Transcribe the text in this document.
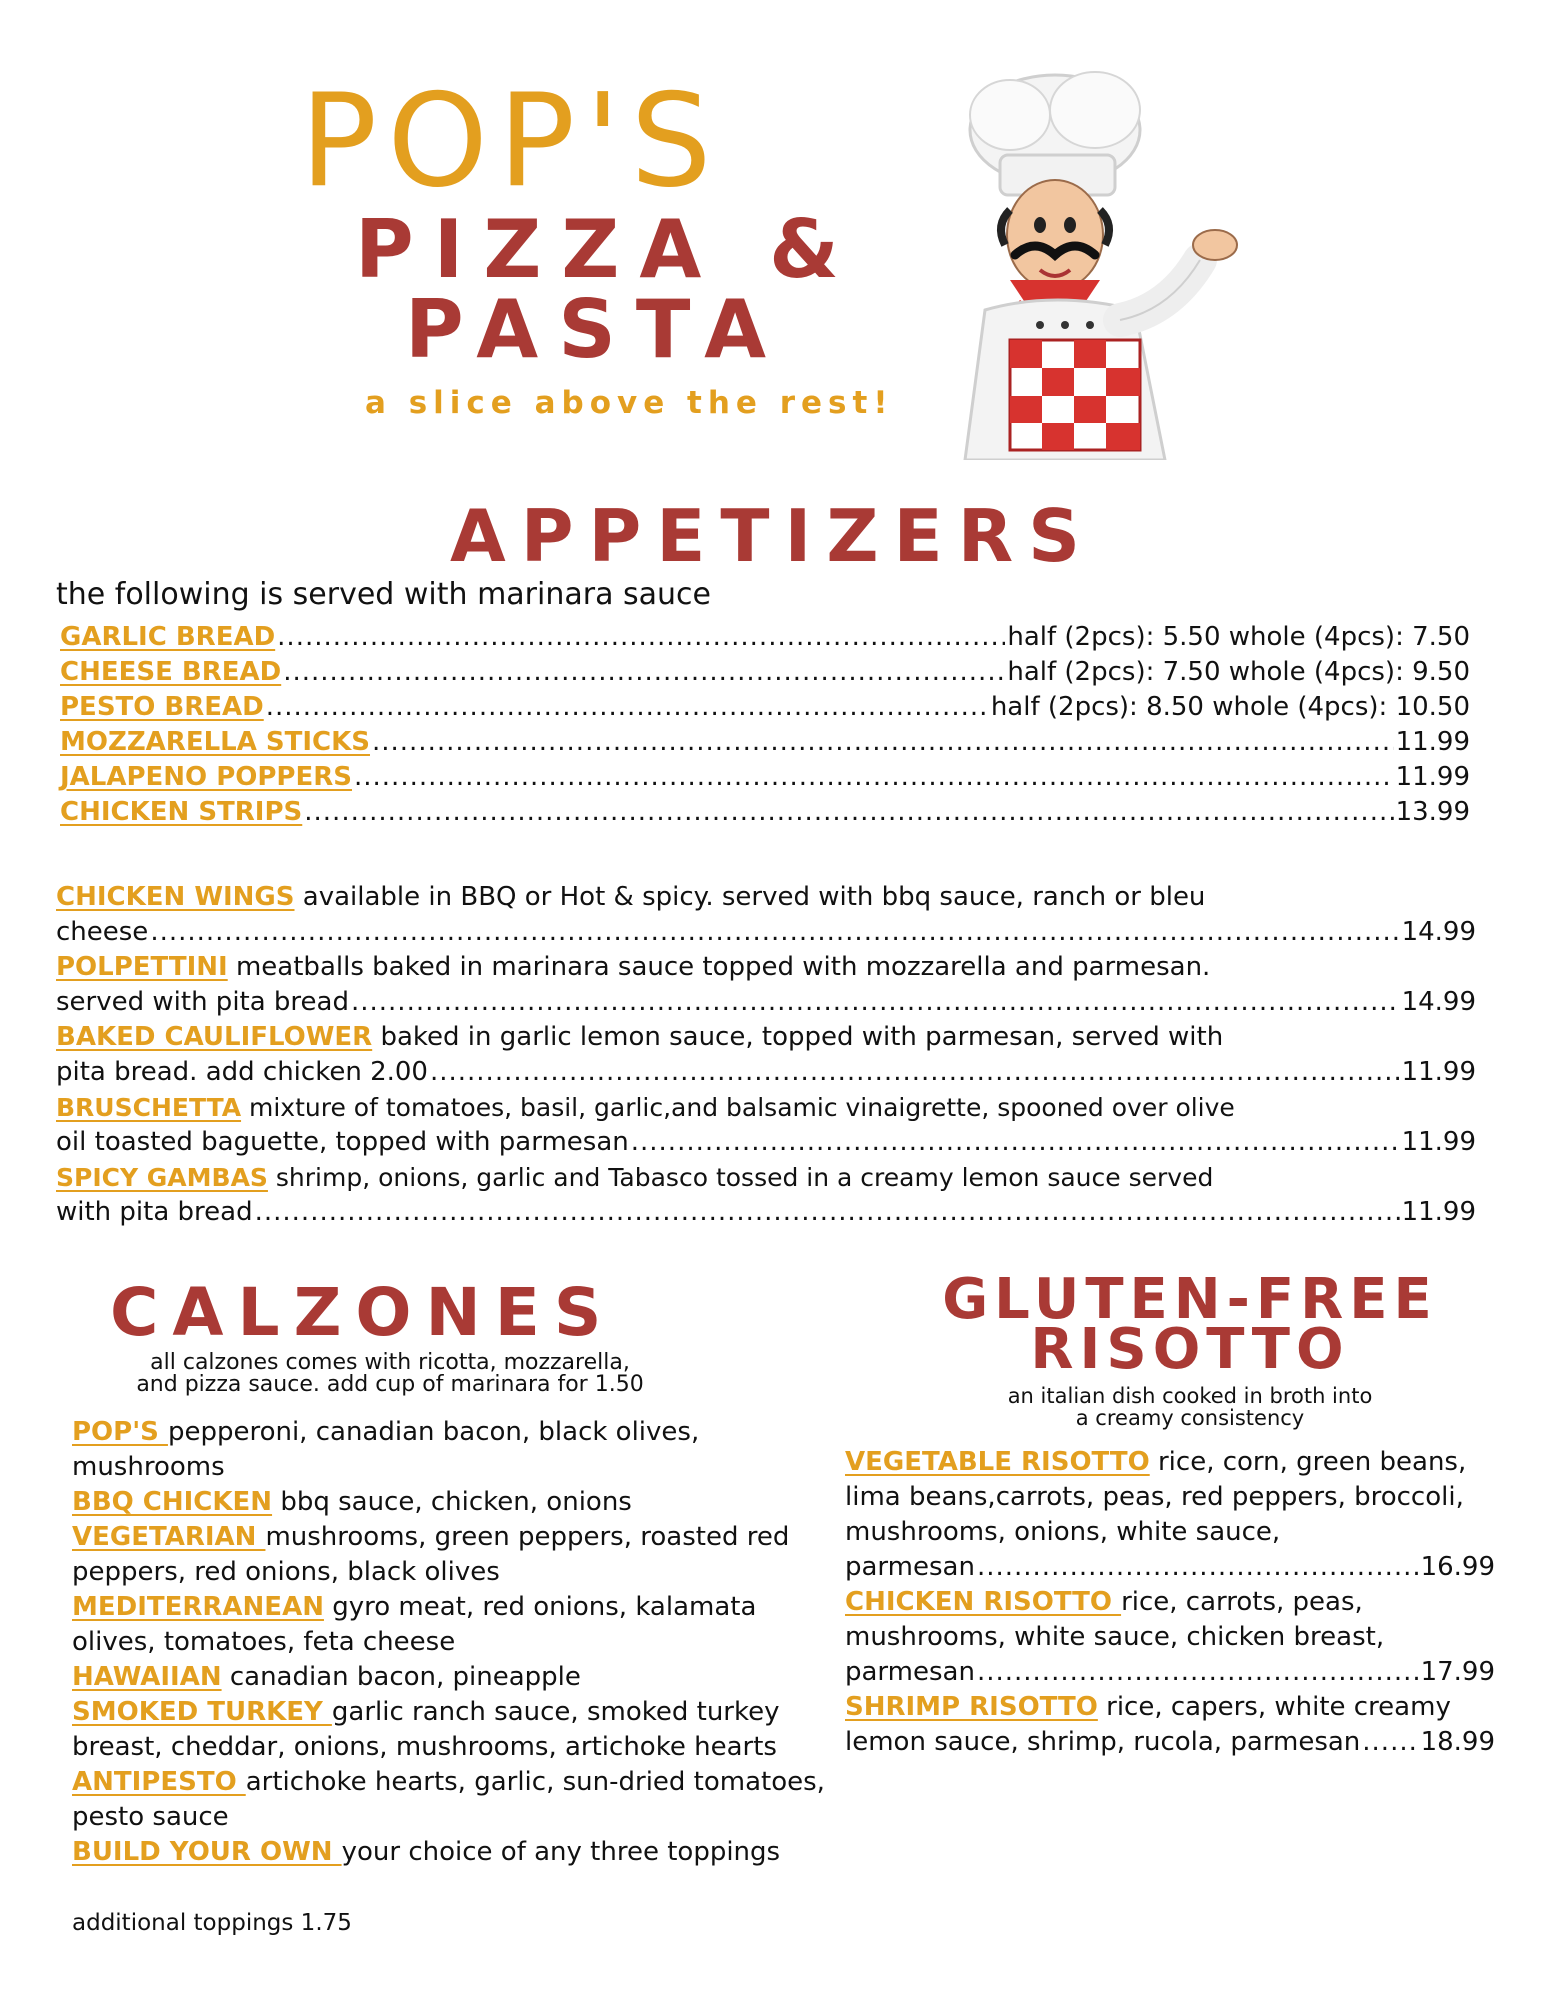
POP'S
PIZZA &
PASTA
a slice above the rest!
APPETIZERS
the following is served with marinara sauce
GARLIC BREAD .....	half (2pcs): 5.50 whole (4pcs): 7.50
CHEESE BREAD .....	half (2pcs): 7.50 whole (4pcs): 9.50
PESTO BREAD .....	half (2pcs): 8.50 whole (4pcs): 10.50
MOZZARELLA STICKS .....	11.99
JALAPENO POPPERS .....	11.99
CHICKEN STRIPS .....	13.99
CHICKEN WINGS available in BBQ or Hot & spicy. served with bbq sauce, ranch or bleu
cheese .....	14.99
POLPETTINI meatballs baked in marinara sauce topped with mozzarella and parmesan.
served with pita bread .....	14.99
BAKED CAULIFLOWER baked in garlic lemon sauce, topped with parmesan, served with
pita bread. add chicken 2.00 .....	11.99
BRUSCHETTA mixture of tomatoes, basil, garlic,and balsamic vinaigrette, spooned over olive
oil toasted baguette, topped with parmesan .....	11.99
SPICY GAMBAS shrimp, onions, garlic and Tabasco tossed in a creamy lemon sauce served
with pita bread .....	11.99
CALZONES
all calzones comes with ricotta, mozzarella,
and pizza sauce. add cup of marinara for 1.50
POP'S pepperoni, canadian bacon, black olives, mushrooms
BBQ CHICKEN bbq sauce, chicken, onions
VEGETARIAN mushrooms, green peppers, roasted red peppers, red onions, black olives
MEDITERRANEAN gyro meat, red onions, kalamata olives, tomatoes, feta cheese
HAWAIIAN canadian bacon, pineapple
SMOKED TURKEY garlic ranch sauce, smoked turkey breast, cheddar, onions, mushrooms, artichoke hearts
ANTIPESTO artichoke hearts, garlic, sun-dried tomatoes, pesto sauce
BUILD YOUR OWN your choice of any three toppings
additional toppings 1.75
GLUTEN-FREE
RISOTTO
an italian dish cooked in broth into
a creamy consistency
VEGETABLE RISOTTO rice, corn, green beans, lima beans,carrots, peas, red peppers, broccoli, mushrooms, onions, white sauce,
parmesan .....	16.99
CHICKEN RISOTTO rice, carrots, peas, mushrooms, white sauce, chicken breast,
parmesan .....	17.99
SHRIMP RISOTTO rice, capers, white creamy
lemon sauce, shrimp, rucola, parmesan ..... 18.99
